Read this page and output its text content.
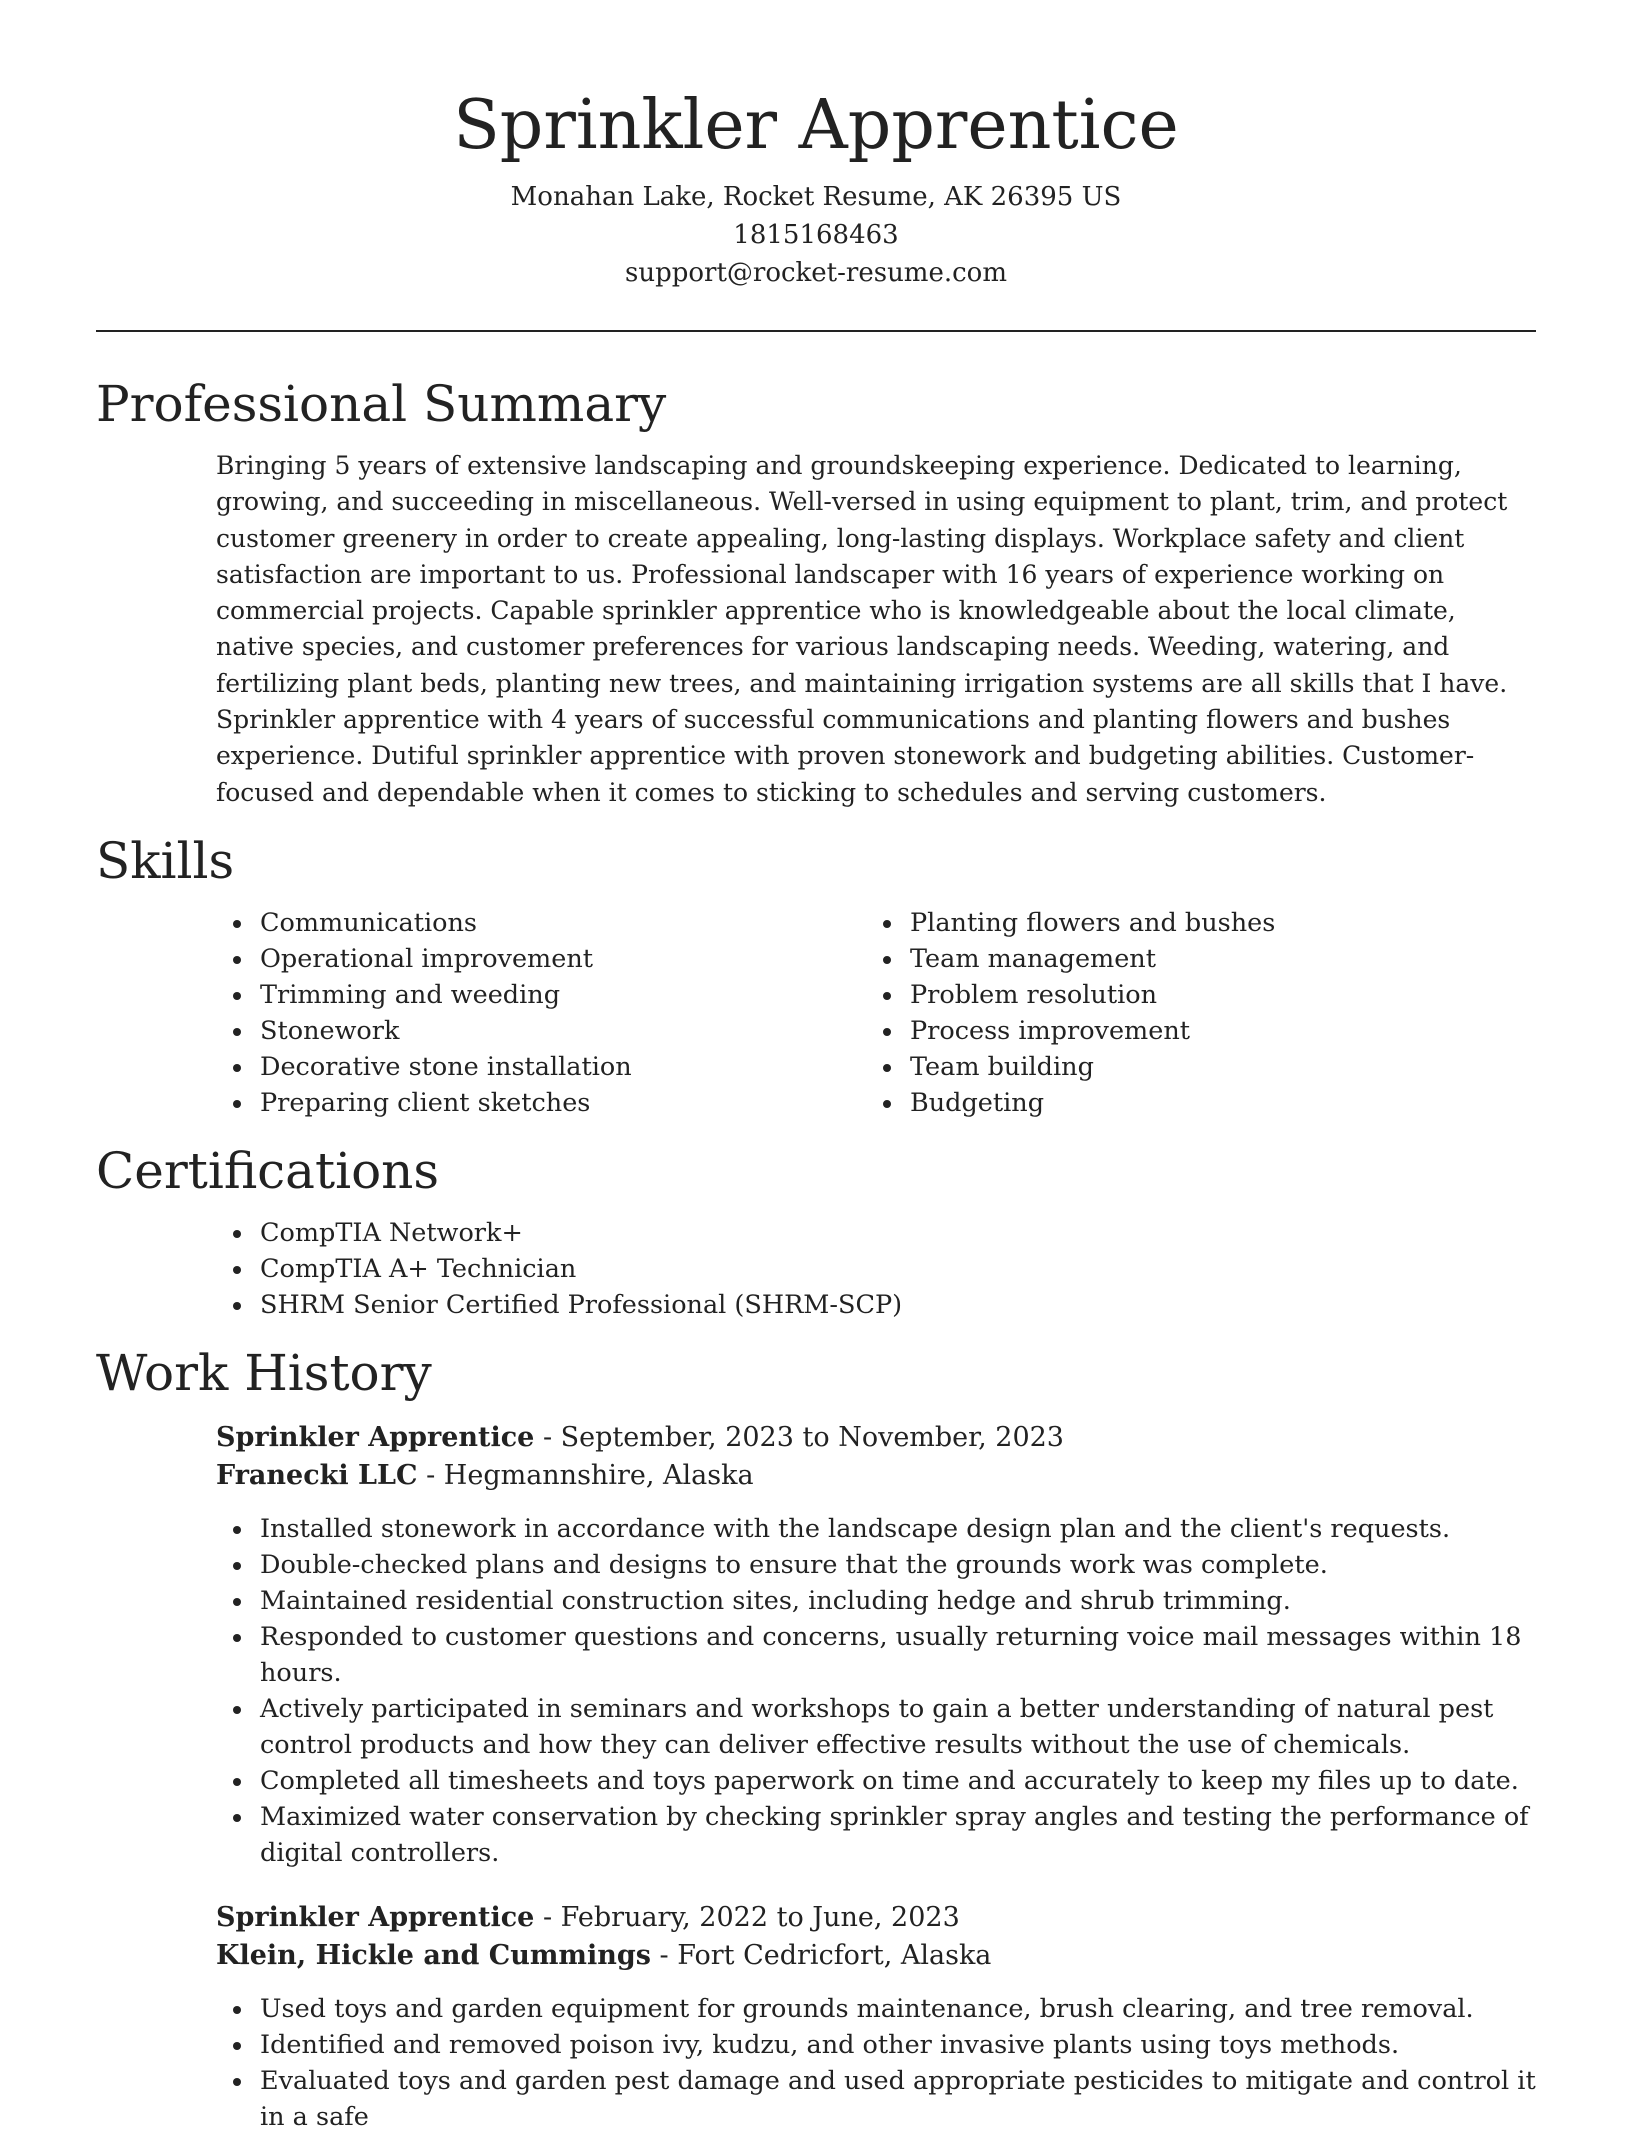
Sprinkler Apprentice
Monahan Lake, Rocket Resume, AK 26395 US
1815168463
support@rocket-resume.com
Professional Summary

Bringing 5 years of extensive landscaping and groundskeeping experience. Dedicated to learning, growing, and succeeding in miscellaneous. Well-versed in using equipment to plant, trim, and protect customer greenery in order to create appealing, long-lasting displays. Workplace safety and client satisfaction are important to us. Professional landscaper with 16 years of experience working on commercial projects. Capable sprinkler apprentice who is knowledgeable about the local climate, native species, and customer preferences for various landscaping needs. Weeding, watering, and fertilizing plant beds, planting new trees, and maintaining irrigation systems are all skills that I have. Sprinkler apprentice with 4 years of successful communications and planting flowers and bushes experience. Dutiful sprinkler apprentice with proven stonework and budgeting abilities. Customer-focused and dependable when it comes to sticking to schedules and serving customers.

Skills
Communications
Operational improvement
Trimming and weeding
Stonework
Decorative stone installation
Preparing client sketches
Planting flowers and bushes
Team management
Problem resolution
Process improvement
Team building
Budgeting
Certifications
CompTIA Network+
CompTIA A+ Technician
SHRM Senior Certified Professional (SHRM-SCP)
Work History
Sprinkler Apprentice - September, 2023 to November, 2023
Franecki LLC - Hegmannshire, Alaska
Installed stonework in accordance with the landscape design plan and the client's requests.
Double-checked plans and designs to ensure that the grounds work was complete.
Maintained residential construction sites, including hedge and shrub trimming.
Responded to customer questions and concerns, usually returning voice mail messages within 18 hours.
Actively participated in seminars and workshops to gain a better understanding of natural pest control products and how they can deliver effective results without the use of chemicals.
Completed all timesheets and toys paperwork on time and accurately to keep my files up to date.
Maximized water conservation by checking sprinkler spray angles and testing the performance of digital controllers.
Sprinkler Apprentice - February, 2022 to June, 2023
Klein, Hickle and Cummings - Fort Cedricfort, Alaska
Used toys and garden equipment for grounds maintenance, brush clearing, and tree removal.
Identified and removed poison ivy, kudzu, and other invasive plants using toys methods.
Evaluated toys and garden pest damage and used appropriate pesticides to mitigate and control it in a safe
